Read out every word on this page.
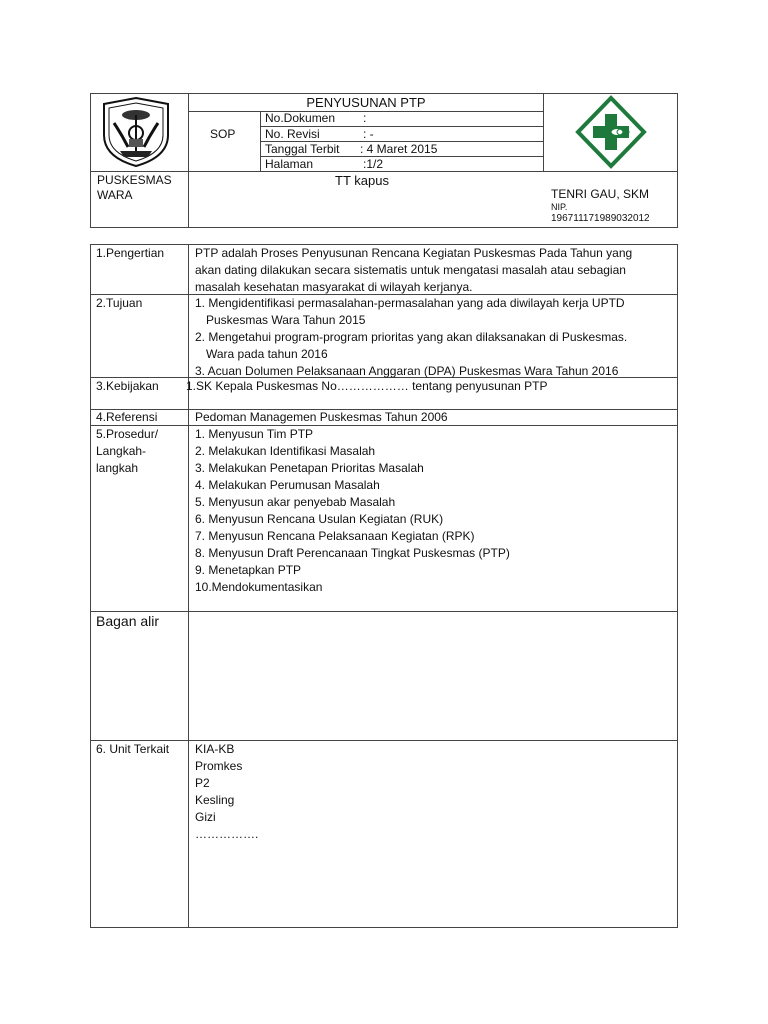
PENYUSUNAN PTP
SOP
No.Dokumen :
No. Revisi	: -
Tanggal Terbit : 4 Maret 2015
Halaman	:1/2
PUSKESMAS
WARA
TT kapus
TENRI GAU, SKM
NIP.
196711171989032012
1.Pengertian	PTP adalah Proses Penyusunan Rencana Kegiatan Puskesmas Pada Tahun yang
akan dating dilakukan secara sistematis untuk mengatasi masalah atau sebagian
masalah kesehatan masyarakat di wilayah kerjanya.
2.Tujuan	1. Mengidentifikasi permasalahan-permasalahan yang ada diwilayah kerja UPTD
Puskesmas Wara Tahun 2015
2. Mengetahui program-program prioritas yang akan dilaksanakan di Puskesmas.
Wara pada tahun 2016
3. Acuan Dolumen Pelaksanaan Anggaran (DPA) Puskesmas Wara Tahun 2016
3.Kebijakan 1.SK Kepala Puskesmas No……………… tentang penyusunan PTP
4.Referensi	Pedoman Managemen Puskesmas Tahun 2006
5.Prosedur/
Langkah-
langkah
1. Menyusun Tim PTP
2. Melakukan Identifikasi Masalah
3. Melakukan Penetapan Prioritas Masalah
4. Melakukan Perumusan Masalah
5. Menyusun akar penyebab Masalah
6. Menyusun Rencana Usulan Kegiatan (RUK)
7. Menyusun Rencana Pelaksanaan Kegiatan (RPK)
8. Menyusun Draft Perencanaan Tingkat Puskesmas (PTP)
9. Menetapkan PTP
10.Mendokumentasikan
Bagan alir
6. Unit Terkait KIA-KB
Promkes
P2
Kesling
Gizi
…………….
